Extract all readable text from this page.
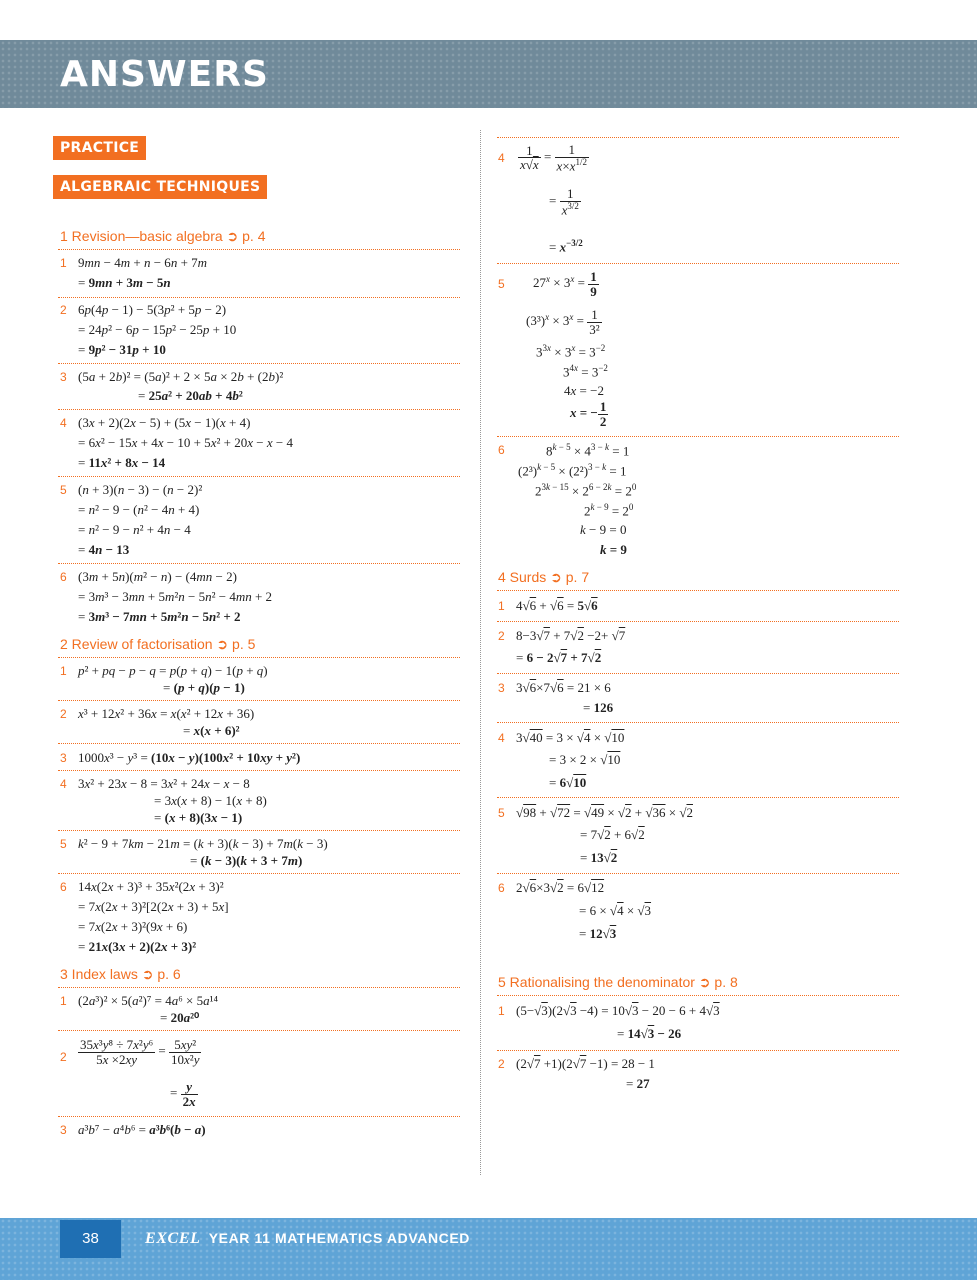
ANSWERS
PRACTICE
ALGEBRAIC TECHNIQUES
1 Revision—basic algebra ➲ p. 4
1 9mn − 4m + n − 6n + 7m
= 9mn + 3m − 5n
2 6p(4p − 1) − 5(3p² + 5p − 2)
= 24p² − 6p − 15p² − 25p + 10
= 9p² − 31p + 10
3 (5a + 2b)² = (5a)² + 2 × 5a × 2b + (2b)²
= 25a² + 20ab + 4b²
4 (3x + 2)(2x − 5) + (5x − 1)(x + 4)
= 6x² − 15x + 4x − 10 + 5x² + 20x − x − 4
= 11x² + 8x − 14
5 (n + 3)(n − 3) − (n − 2)²
= n² − 9 − (n² − 4n + 4)
= n² − 9 − n² + 4n − 4
= 4n − 13
6 (3m + 5n)(m² − n) − (4mn − 2)
= 3m³ − 3mn + 5m²n − 5n² − 4mn + 2
= 3m³ − 7mn + 5m²n − 5n² + 2
2 Review of factorisation ➲ p. 5
1 p² + pq − p − q = p(p + q) − 1(p + q)
= (p + q)(p − 1)
2 x³ + 12x² + 36x = x(x² + 12x + 36)
= x(x + 6)²
3 1000x³ − y³ = (10x − y)(100x² + 10xy + y²)
4 3x² + 23x − 8 = 3x² + 24x − x − 8
= 3x(x + 8) − 1(x + 8)
= (x + 8)(3x − 1)
5 k² − 9 + 7km − 21m = (k + 3)(k − 3) + 7m(k − 3)
= (k − 3)(k + 3 + 7m)
6 14x(2x + 3)³ + 35x²(2x + 3)²
= 7x(2x + 3)²[2(2x + 3) + 5x]
= 7x(2x + 3)²(9x + 6)
= 21x(3x + 2)(2x + 3)²
3 Index laws ➲ p. 6
1 (2a³)² × 5(a²)⁷ = 4a⁶ × 5a¹⁴
= 20a²⁰
$2 \frac{\text{35x³y⁸ ÷ 7x²y⁶}}{5x \times 2xy} = \frac{\text{5xy²}}{\text{10x²y}}$
= $\frac{y}{2x}$
3 a³b⁷ − a⁴b⁶ = a³b⁶(b − a)
$4 \frac{1}{x√x} = \frac{1}{x\times x^{1/2}}$
= $\frac{1}{x^{3/2}}$
= $x^{-3/2}$
5 $27^x \times 3^x = \frac{1}{9}$
$(3^3)^x \times 3^x = \frac{1}{\text{3²}}$
$3^{3x} \times 3^x = 3^{-2}$
$3^{4x} = 3^{-2}$
4x = −2
x = − $\frac{1}{2}$
6	$8^{k - 5} \times 4^{3 - k} = 1$
$(2^3)^{k - 5} \times (2^2)^{3 - k} = 1$
$2^{3k - 15} \times 2^{6 - 2k} = 2^0$
$2^{k - 9} = 2^0$
k − 9 = 0
k = 9
4 Surds ➲ p. 7
1 4√6 + √6 = 5√6
2 8−3√7 + 7√2 −2+ √7
= 6 − 2√7 + 7√2
3 3√6×7√6 = 21 × 6
= 126
4 3√40 = 3 × √4 × √10
= 3 × 2 × √10
= 6√10
5 √98 + √72 = √49 × √2 + √36 × √2
= 7√2 + 6√2
= 13√2
6 2√6×3√2 = 6√12
= 6 × √4 × √3
= 12√3
5 Rationalising the denominator ➲ p. 8
1 (5−√3)(2√3 −4) = 10√3 − 20 − 6 + 4√3
= 14√3 − 26
2 (2√7 +1)(2√7 −1) = 28 − 1
= 27
38	EXCEL YEAR 11 MATHEMATICS ADVANCED
